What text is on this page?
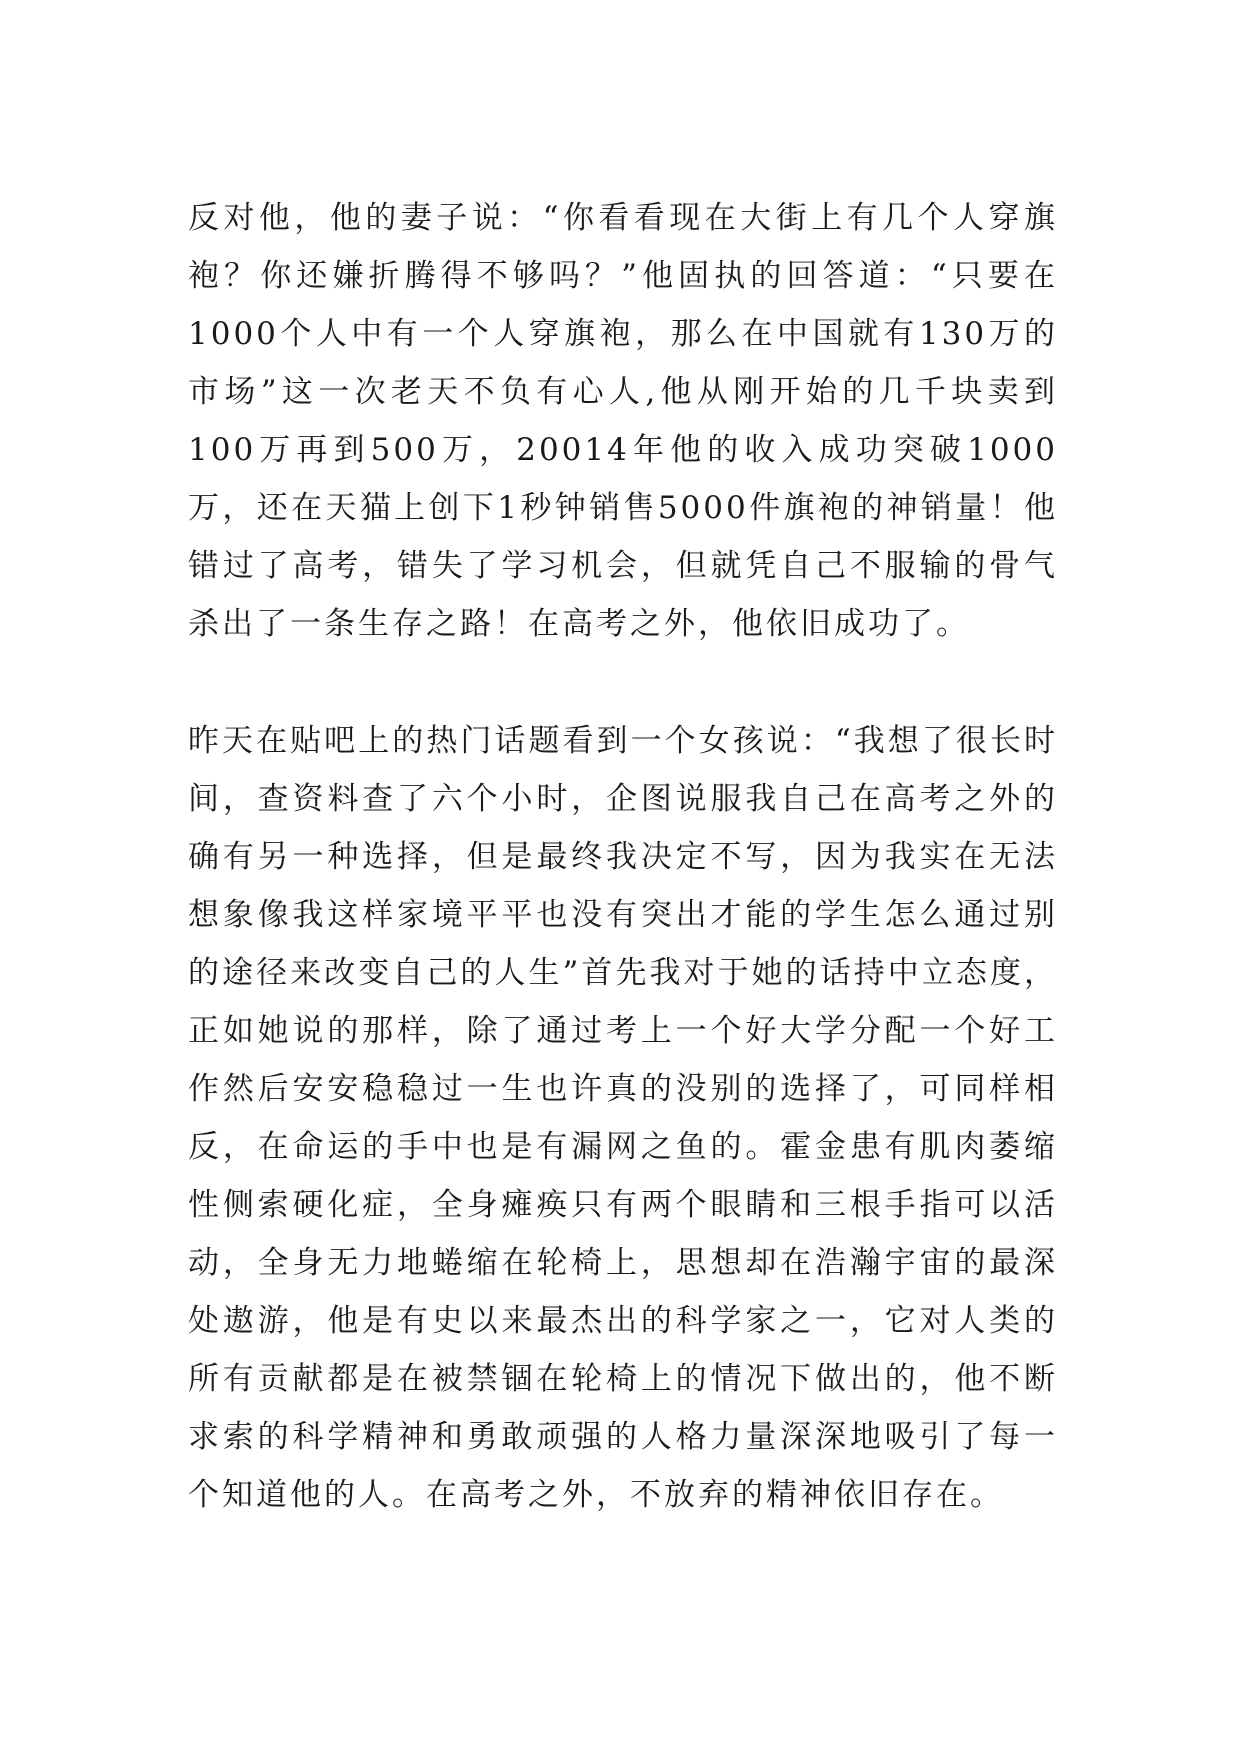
反对他，他的妻子说：“你看看现在大街上有几个人穿旗袍？你还嫌折腾得不够吗？”他固执的回答道：“只要在1000个人中有一个人穿旗袍，那么在中国就有130万的市场”这一次老天不负有心人,他从刚开始的几千块卖到100万再到500万，20014年他的收入成功突破1000万，还在天猫上创下1秒钟销售5000件旗袍的神销量！他错过了高考，错失了学习机会，但就凭自己不服输的骨气杀出了一条生存之路！在高考之外，他依旧成功了。

昨天在贴吧上的热门话题看到一个女孩说：“我想了很长时间，查资料查了六个小时，企图说服我自己在高考之外的确有另一种选择，但是最终我决定不写，因为我实在无法想象像我这样家境平平也没有突出才能的学生怎么通过别的途径来改变自己的人生”首先我对于她的话持中立态度，正如她说的那样，除了通过考上一个好大学分配一个好工作然后安安稳稳过一生也许真的没别的选择了，可同样相反，在命运的手中也是有漏网之鱼的。霍金患有肌肉萎缩性侧索硬化症，全身瘫痪只有两个眼睛和三根手指可以活动，全身无力地蜷缩在轮椅上，思想却在浩瀚宇宙的最深处遨游，他是有史以来最杰出的科学家之一，它对人类的所有贡献都是在被禁锢在轮椅上的情况下做出的，他不断求索的科学精神和勇敢顽强的人格力量深深地吸引了每一个知道他的人。在高考之外，不放弃的精神依旧存在。
